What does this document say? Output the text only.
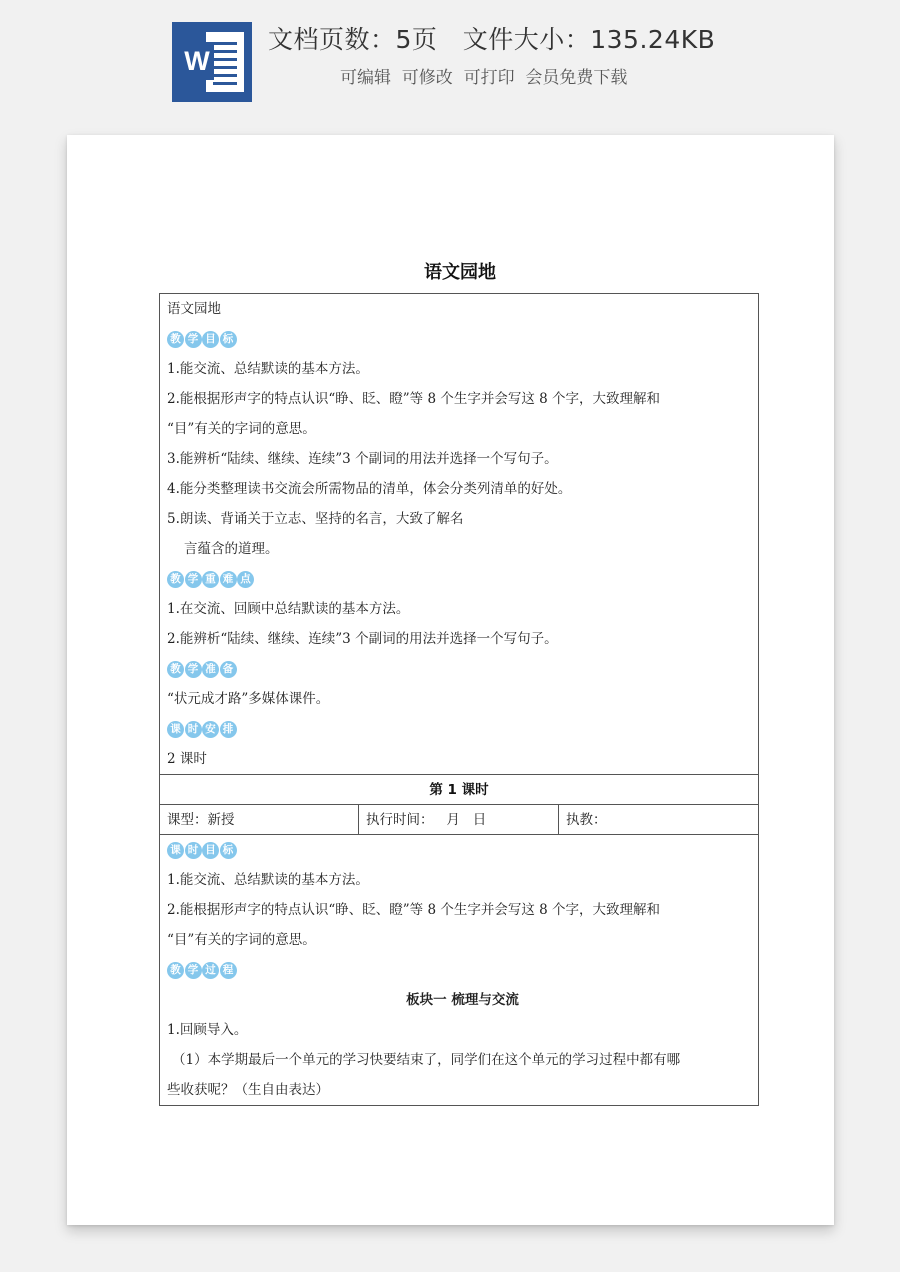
W
文档页数：5页   文件大小：135.24KB
可编辑  可修改  可打印  会员免费下载
语文园地
语文园地
教 学 目 标
1.能交流、总结默读的基本方法。
2.能根据形声字的特点认识“睁、眨、瞪”等 8 个生字并会写这 8 个字，大致理解和
“目”有关的字词的意思。
3.能辨析“陆续、继续、连续”3 个副词的用法并选择一个写句子。
4.能分类整理读书交流会所需物品的清单，体会分类列清单的好处。
5.朗读、背诵关于立志、坚持的名言，大致了解名
言蕴含的道理。
教 学 重 难 点
1.在交流、回顾中总结默读的基本方法。
2.能辨析“陆续、继续、连续”3 个副词的用法并选择一个写句子。
教 学 准 备
“状元成才路”多媒体课件。
课 时 安 排
2 课时
第 1 课时
课型：新授	执行时间：   月   日	执教：
课 时 目 标
1.能交流、总结默读的基本方法。
2.能根据形声字的特点认识“睁、眨、瞪”等 8 个生字并会写这 8 个字，大致理解和
“目”有关的字词的意思。
教 学 过 程
板块一 梳理与交流
1.回顾导入。
（1）本学期最后一个单元的学习快要结束了，同学们在这个单元的学习过程中都有哪
些收获呢？（生自由表达）
